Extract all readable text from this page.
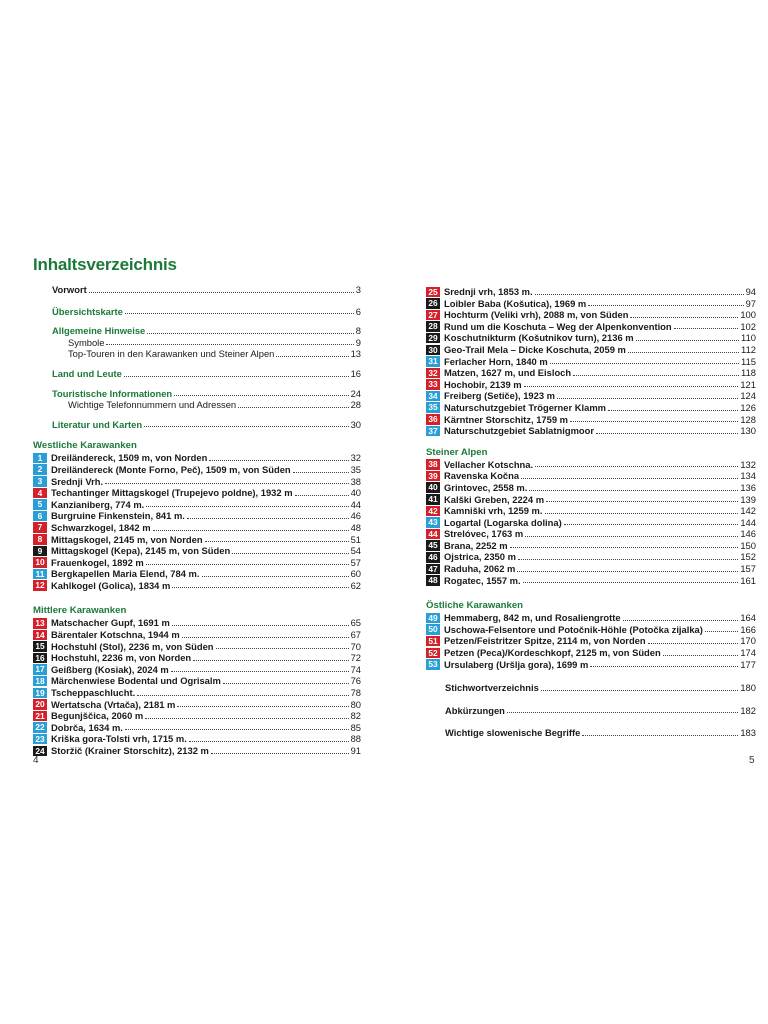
Inhaltsverzeichnis
Vorwort	3
Übersichtskarte	6
Allgemeine Hinweise	8
Symbole	9
Top-Touren in den Karawanken und Steiner Alpen	13
Land und Leute	16
Touristische Informationen	24
Wichtige Telefonnummern und Adressen	28
Literatur und Karten	30
Westliche Karawanken
1 Dreiländereck, 1509 m, von Norden	32
2 Dreiländereck (Monte Forno, Peč), 1509 m, von Süden	35
3 Srednji Vrh.	38
4 Techantinger Mittagskogel (Trupejevo poldne), 1932 m	40
5 Kanzianiberg, 774 m.	44
6 Burgruine Finkenstein, 841 m.	46
7 Schwarzkogel, 1842 m	48
8 Mittagskogel, 2145 m, von Norden	51
9 Mittagskogel (Kepa), 2145 m, von Süden	54
10 Frauenkogel, 1892 m	57
11 Bergkapellen Maria Elend, 784 m.	60
12 Kahlkogel (Golica), 1834 m	62
Mittlere Karawanken
13 Matschacher Gupf, 1691 m	65
14 Bärentaler Kotschna, 1944 m	67
15 Hochstuhl (Stol), 2236 m, von Süden	70
16 Hochstuhl, 2236 m, von Norden	72
17 Geißberg (Kosiak), 2024 m	74
18 Märchenwiese Bodental und Ogrisalm	76
19 Tscheppaschlucht.	78
20 Wertatscha (Vrtača), 2181 m	80
21 Begunjščica, 2060 m	82
22 Dobrča, 1634 m.	85
23 Kriška gora-Tolsti vrh, 1715 m.	88
24 Storžič (Krainer Storschitz), 2132 m	91
25 Srednji vrh, 1853 m.	94
26 Loibler Baba (Košutica), 1969 m	97
27 Hochturm (Veliki vrh), 2088 m, von Süden	100
28 Rund um die Koschuta – Weg der Alpenkonvention	102
29 Koschutnikturm (Košutnikov turn), 2136 m	110
30 Geo-Trail Mela – Dicke Koschuta, 2059 m	112
31 Ferlacher Horn, 1840 m	115
32 Matzen, 1627 m, und Eisloch	118
33 Hochobir, 2139 m	121
34 Freiberg (Setiče), 1923 m	124
35 Naturschutzgebiet Trögerner Klamm	126
36 Kärntner Storschitz, 1759 m	128
37 Naturschutzgebiet Sablatnigmoor	130
Steiner Alpen
38 Vellacher Kotschna.	132
39 Ravenska Kočna	134
40 Grintovec, 2558 m.	136
41 Kalški Greben, 2224 m	139
42 Kamniški vrh, 1259 m.	142
43 Logartal (Logarska dolina)	144
44 Strelóvec, 1763 m	146
45 Brana, 2252 m	150
46 Ojstrica, 2350 m	152
47 Raduha, 2062 m	157
48 Rogatec, 1557 m.	161
Östliche Karawanken
49 Hemmaberg, 842 m, und Rosaliengrotte	164
50 Uschowa-Felsentore und Potočnik-Höhle (Potočka zijalka)	166
51 Petzen/Feistritzer Spitze, 2114 m, von Norden	170
52 Petzen (Peca)/Kordeschkopf, 2125 m, von Süden	174
53 Ursulaberg (Uršlja gora), 1699 m	177
Stichwortverzeichnis	180
Abkürzungen	182
Wichtige slowenische Begriffe	183
4	5
